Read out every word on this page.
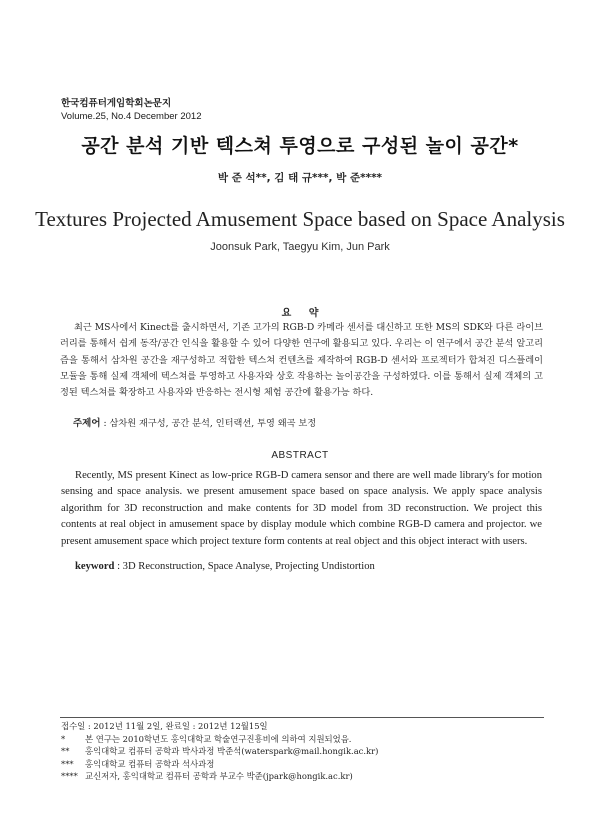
한국컴퓨터게임학회논문지
Volume.25, No.4 December 2012
공간 분석 기반 텍스쳐 투영으로 구성된 놀이 공간*
박 준 석**, 김 태 규***, 박 준****
Textures Projected Amusement Space based on Space Analysis
Joonsuk Park, Taegyu Kim, Jun Park
요 약
최근 MS사에서 Kinect를 출시하면서, 기존 고가의 RGB-D 카메라 센서를 대신하고 또한 MS의 SDK와 다른 라이브러리를 통해서 쉽게 동작/공간 인식을 활용할 수 있어 다양한 연구에 활용되고 있다. 우리는 이 연구에서 공간 분석 알고리즘을 통해서 삼차원 공간을 재구성하고 적합한 텍스쳐 컨텐츠를 제작하여 RGB-D 센서와 프로젝터가 합쳐진 디스플레이 모듈을 통해 실제 객체에 텍스쳐를 투영하고 사용자와 상호 작용하는 놀이공간을 구성하였다. 이를 통해서 실제 객체의 고정된 텍스쳐를 확장하고 사용자와 반응하는 전시형 체험 공간에 활용가능 하다.
주제어 : 삼차원 재구성, 공간 분석, 인터랙션, 투영 왜곡 보정
ABSTRACT
Recently, MS present Kinect as low-price RGB-D camera sensor and there are well made library's for motion sensing and space analysis. we present amusement space based on space analysis. We apply space analysis algorithm for 3D reconstruction and make contents for 3D model from 3D reconstruction. We project this contents at real object in amusement space by display module which combine RGB-D camera and projector. we present amusement space which project texture form contents at real object and this object interact with users.
keyword : 3D Reconstruction, Space Analyse, Projecting Undistortion
접수일 : 2012년 11월 2일, 완료일 : 2012년 12월15일
* 본 연구는 2010학년도 홍익대학교 학술연구진흥비에 의하여 지원되었음.
** 홍익대학교 컴퓨터 공학과 박사과정 박준석(waterspark@mail.hongik.ac.kr)
*** 홍익대학교 컴퓨터 공학과 석사과정
**** 교신저자, 홍익대학교 컴퓨터 공학과 부교수 박준(jpark@hongik.ac.kr)
